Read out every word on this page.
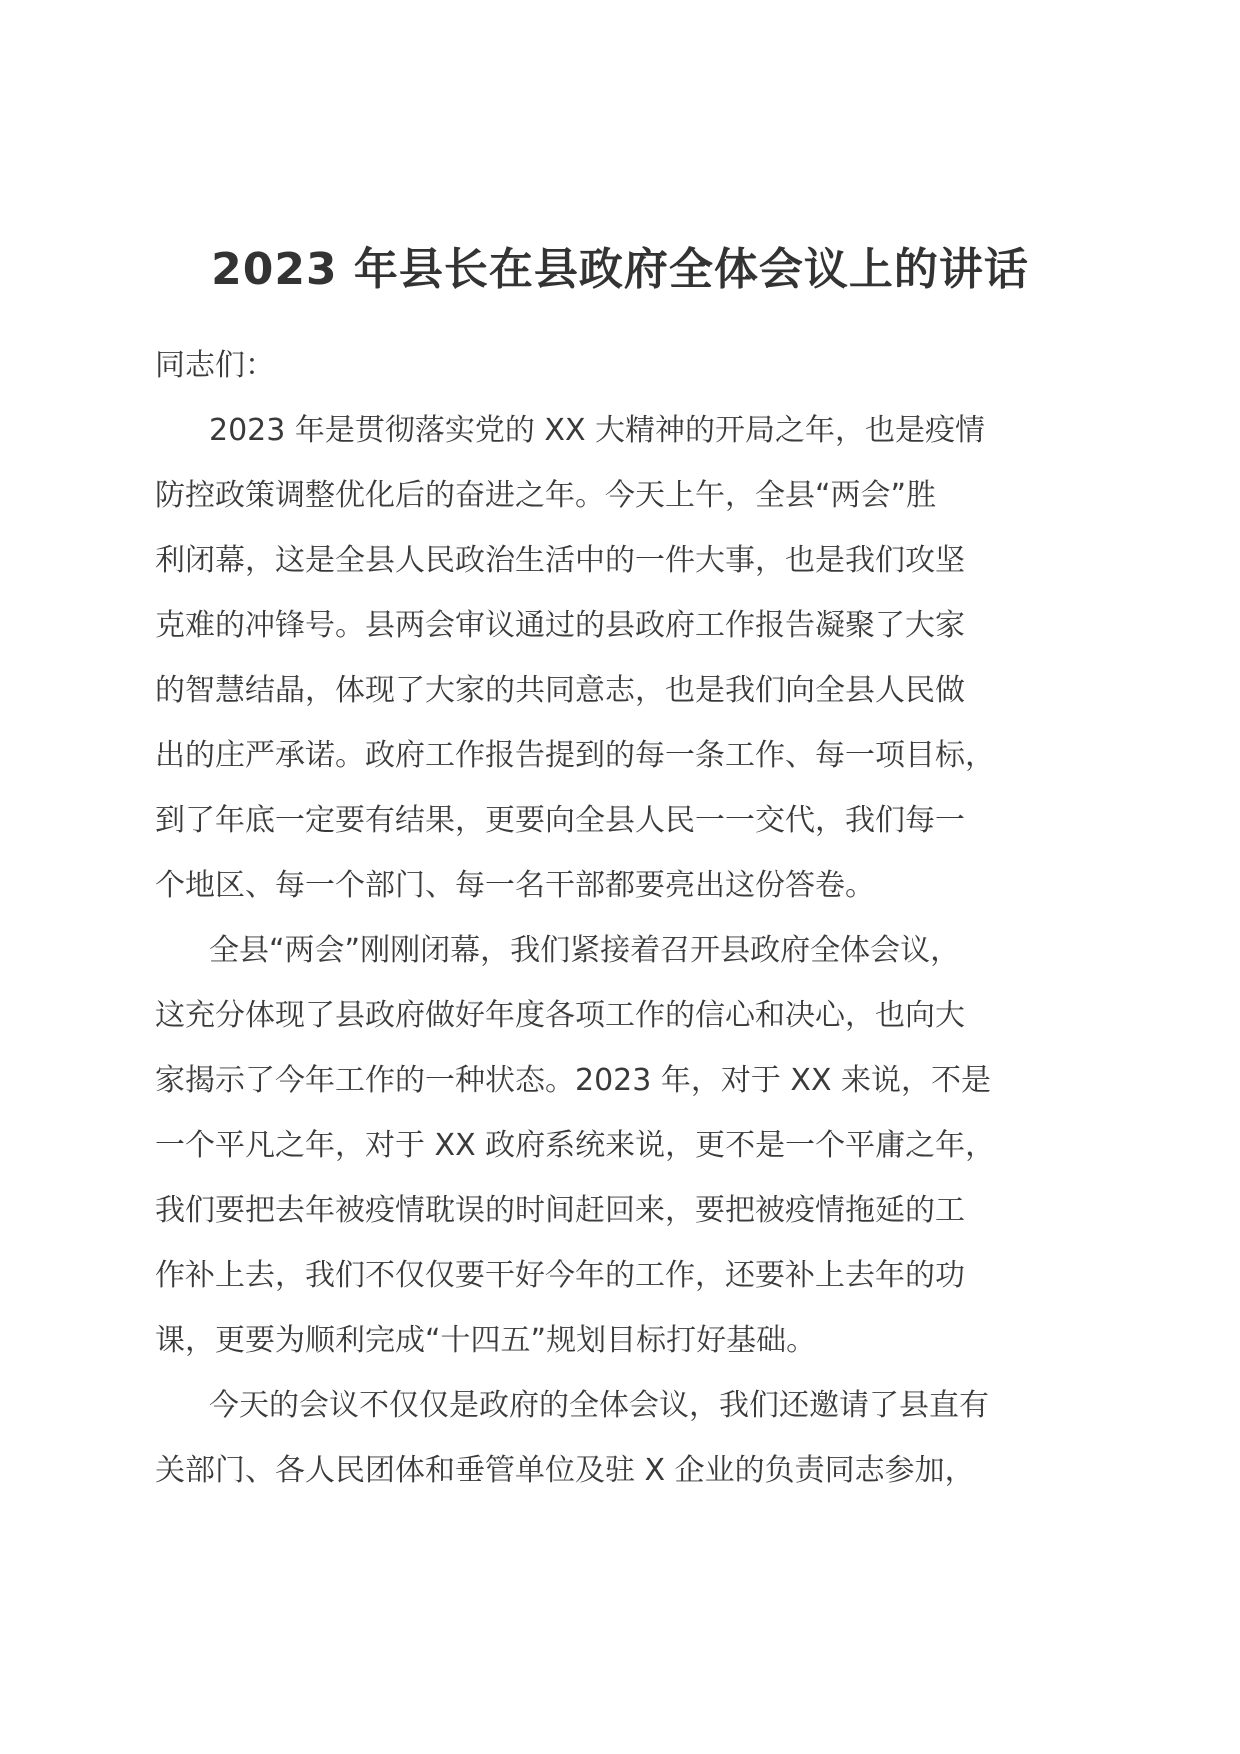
2023 年县长在县政府全体会议上的讲话

同志们：

2023 年是贯彻落实党的 XX 大精神的开局之年，也是疫情
防控政策调整优化后的奋进之年。今天上午，全县“两会”胜
利闭幕，这是全县人民政治生活中的一件大事，也是我们攻坚
克难的冲锋号。县两会审议通过的县政府工作报告凝聚了大家
的智慧结晶，体现了大家的共同意志，也是我们向全县人民做
出的庄严承诺。政府工作报告提到的每一条工作、每一项目标，
到了年底一定要有结果，更要向全县人民一一交代，我们每一
个地区、每一个部门、每一名干部都要亮出这份答卷。
全县“两会”刚刚闭幕，我们紧接着召开县政府全体会议，
这充分体现了县政府做好年度各项工作的信心和决心，也向大
家揭示了今年工作的一种状态。2023 年，对于 XX 来说，不是
一个平凡之年，对于 XX 政府系统来说，更不是一个平庸之年，
我们要把去年被疫情耽误的时间赶回来，要把被疫情拖延的工
作补上去，我们不仅仅要干好今年的工作，还要补上去年的功
课，更要为顺利完成“十四五”规划目标打好基础。
今天的会议不仅仅是政府的全体会议，我们还邀请了县直有
关部门、各人民团体和垂管单位及驻 X 企业的负责同志参加，
